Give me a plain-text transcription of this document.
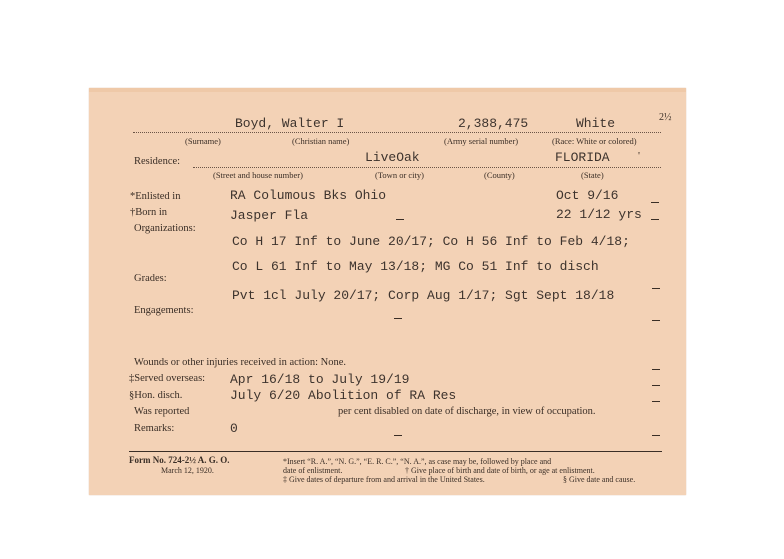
Boyd, Walter I	2,388,475	White	2½
(Surname)	(Christian name)	(Army serial number)	(Race: White or colored)
Residence:	LiveOak	FLORIDA	'
(Street and house number)	(Town or city)	(County)	(State)
*Enlisted in	RA Columous Bks Ohio	Oct 9/16
†Born in	Jasper Fla	22 1/12 yrs
Organizations:
Co H 17 Inf to June 20/17; Co H 56 Inf to Feb 4/18;
Co L 61 Inf to May 13/18; MG Co 51 Inf to disch
Grades:
Pvt 1cl July 20/17; Corp Aug 1/17; Sgt Sept 18/18
Engagements:
Wounds or other injuries received in action: None.
‡Served overseas: Apr 16/18 to July 19/19
§Hon. disch.	July 6/20 Abolition of RA Res
Was reported	per cent disabled on date of discharge, in view of occupation.
Remarks:	0
Form No. 724-2½ A. G. O.
March 12, 1920.
*Insert “R. A.”, “N. G.”, “E. R. C.”, “N. A.”, as case may be, followed by place and
date of enlistment.	† Give place of birth and date of birth, or age at enlistment.
‡ Give dates of departure from and arrival in the United States.	§ Give date and cause.
